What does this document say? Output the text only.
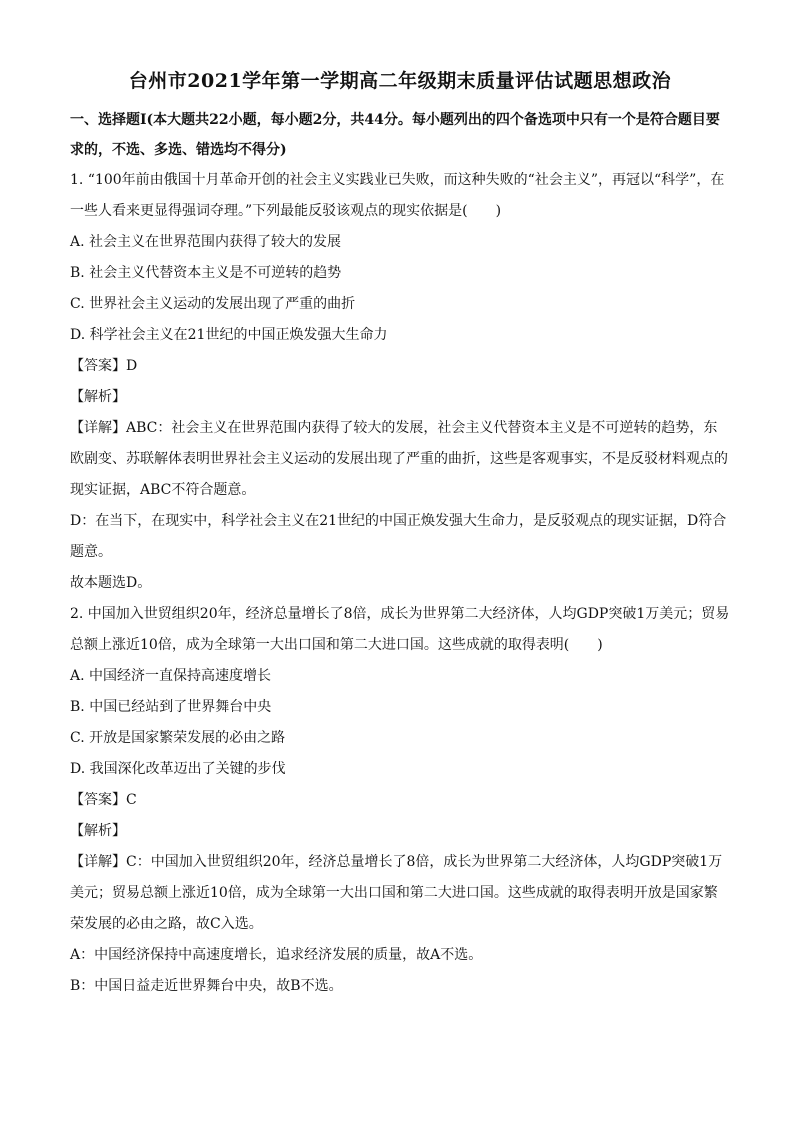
台州市2021学年第一学期高二年级期末质量评估试题思想政治
一、选择题Ⅰ(本大题共22小题，每小题2分，共44分。每小题列出的四个备选项中只有一个是符合题目要求的，不选、多选、错选均不得分)
1. “100年前由俄国十月革命开创的社会主义实践业已失败，而这种失败的“社会主义”，再冠以“科学”，在一些人看来更显得强词夺理。”下列最能反驳该观点的现实依据是(　　)
A. 社会主义在世界范围内获得了较大的发展
B. 社会主义代替资本主义是不可逆转的趋势
C. 世界社会主义运动的发展出现了严重的曲折
D. 科学社会主义在21世纪的中国正焕发强大生命力
【答案】D
【解析】
【详解】ABC：社会主义在世界范围内获得了较大的发展，社会主义代替资本主义是不可逆转的趋势，东欧剧变、苏联解体表明世界社会主义运动的发展出现了严重的曲折，这些是客观事实，不是反驳材料观点的现实证据，ABC不符合题意。
D：在当下，在现实中，科学社会主义在21世纪的中国正焕发强大生命力，是反驳观点的现实证据，D符合题意。
故本题选D。
2. 中国加入世贸组织20年，经济总量增长了8倍，成长为世界第二大经济体，人均GDP突破1万美元；贸易总额上涨近10倍，成为全球第一大出口国和第二大进口国。这些成就的取得表明(　　)
A. 中国经济一直保持高速度增长
B. 中国已经站到了世界舞台中央
C. 开放是国家繁荣发展的必由之路
D. 我国深化改革迈出了关键的步伐
【答案】C
【解析】
【详解】C：中国加入世贸组织20年，经济总量增长了8倍，成长为世界第二大经济体，人均GDP突破1万美元；贸易总额上涨近10倍，成为全球第一大出口国和第二大进口国。这些成就的取得表明开放是国家繁荣发展的必由之路，故C入选。
A：中国经济保持中高速度增长，追求经济发展的质量，故A不选。
B：中国日益走近世界舞台中央，故B不选。
